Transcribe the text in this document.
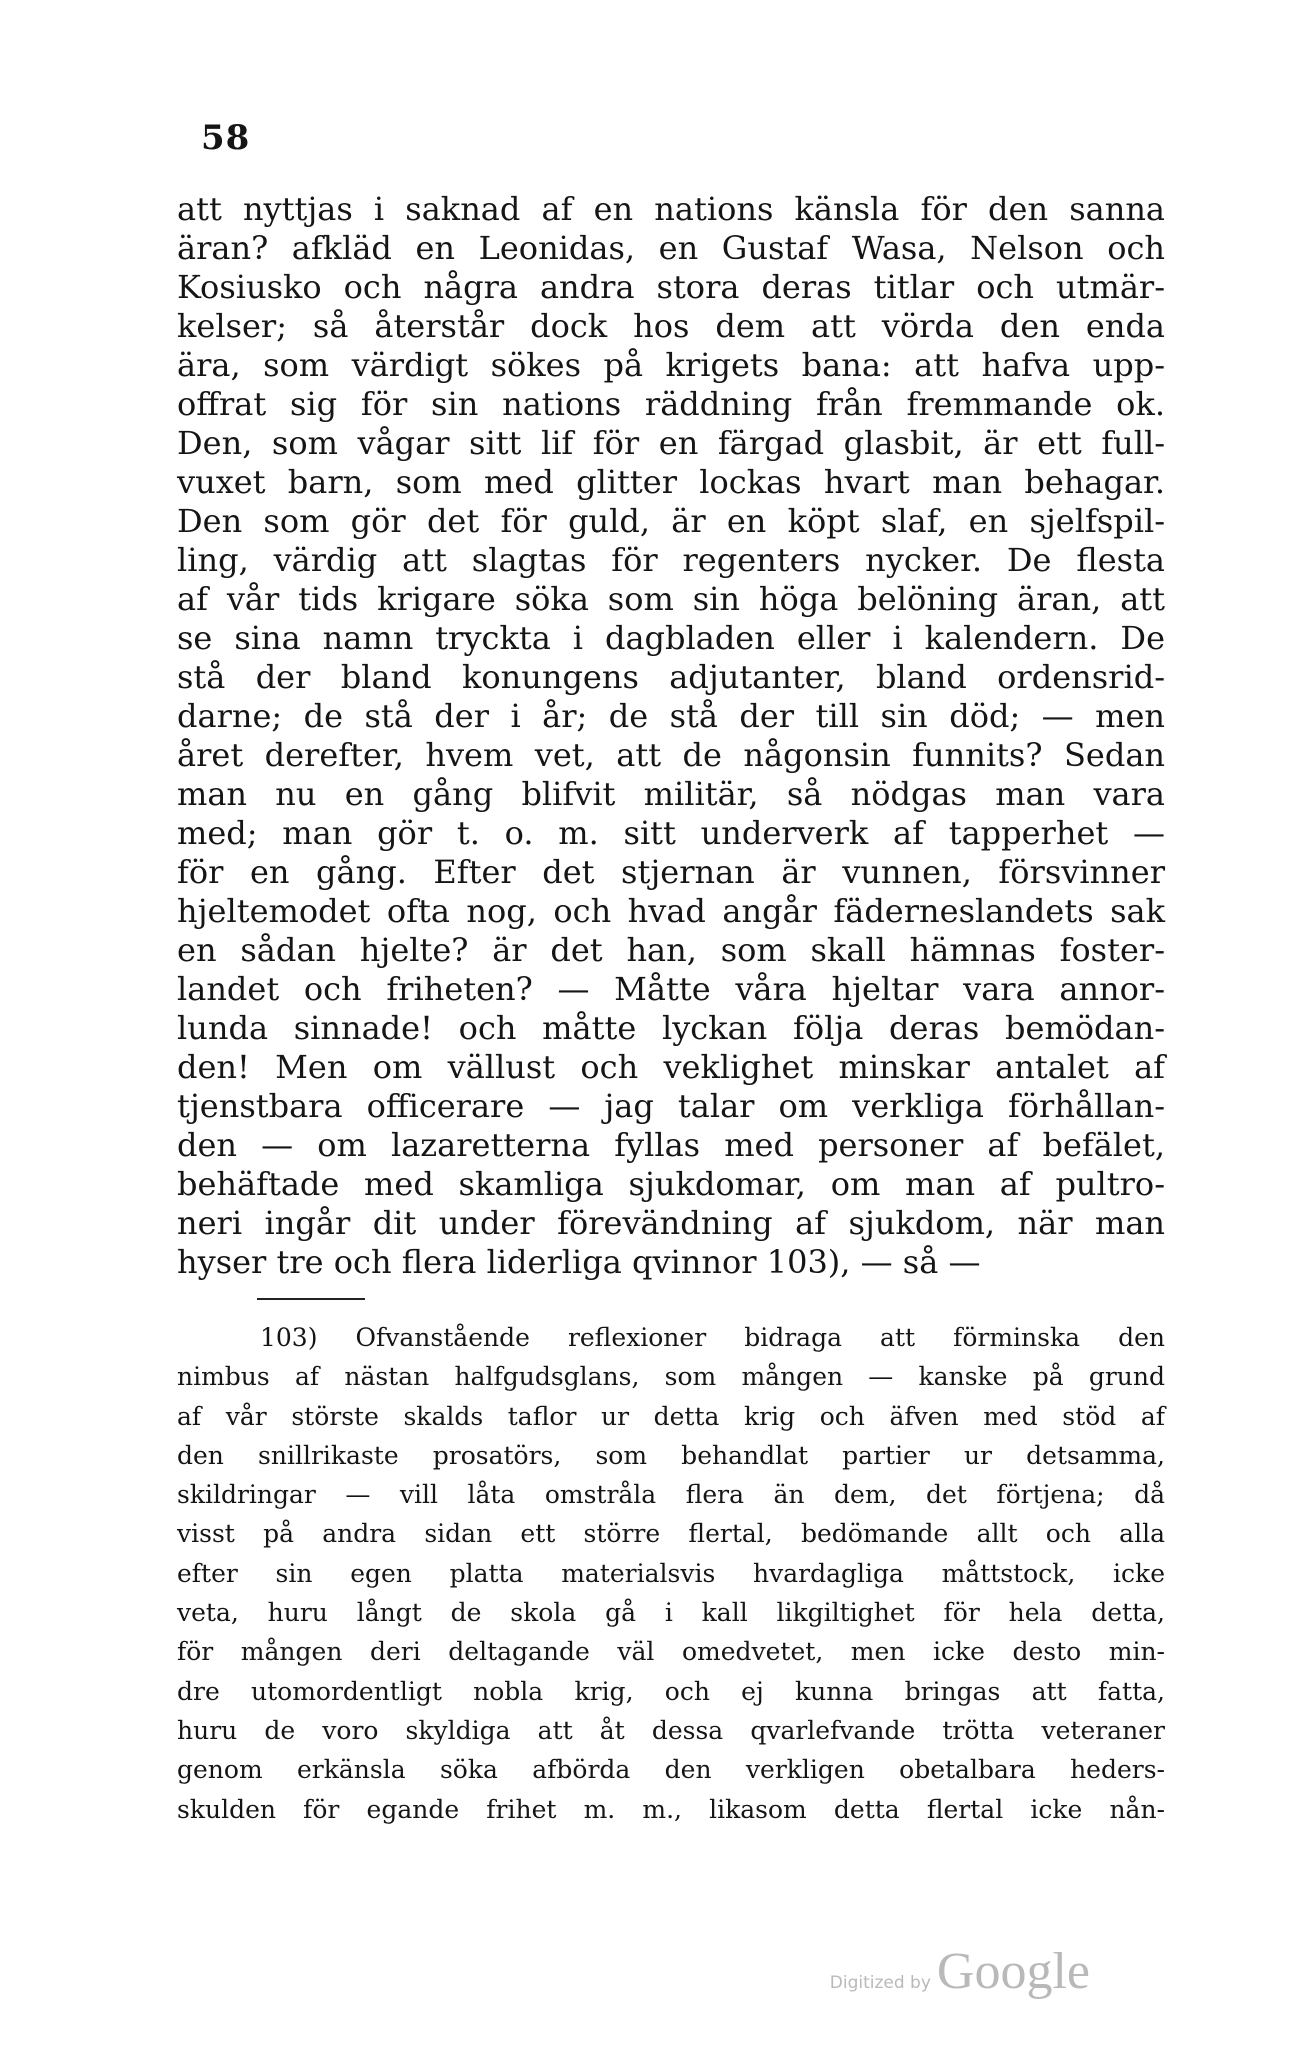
58
att nyttjas i saknad af en nations känsla för den sanna
äran? afkläd en Leonidas, en Gustaf Wasa, Nelson och
Kosiusko och några andra stora deras titlar och utmär-
kelser; så återstår dock hos dem att vörda den enda
ära, som värdigt sökes på krigets bana: att hafva upp-
offrat sig för sin nations räddning från fremmande ok.
Den, som vågar sitt lif för en färgad glasbit, är ett full-
vuxet barn, som med glitter lockas hvart man behagar.
Den som gör det för guld, är en köpt slaf, en sjelfspil-
ling, värdig att slagtas för regenters nycker. De flesta
af vår tids krigare söka som sin höga belöning äran, att
se sina namn tryckta i dagbladen eller i kalendern. De
stå der bland konungens adjutanter, bland ordensrid-
darne; de stå der i år; de stå der till sin död; — men
året derefter, hvem vet, att de någonsin funnits? Sedan
man nu en gång blifvit militär, så nödgas man vara
med; man gör t. o. m. sitt underverk af tapperhet —
för en gång. Efter det stjernan är vunnen, försvinner
hjeltemodet ofta nog, och hvad angår fäderneslandets sak
en sådan hjelte? är det han, som skall hämnas foster-
landet och friheten? — Måtte våra hjeltar vara annor-
lunda sinnade! och måtte lyckan följa deras bemödan-
den! Men om vällust och veklighet minskar antalet af
tjenstbara officerare — jag talar om verkliga förhållan-
den — om lazaretterna fyllas med personer af befälet,
behäftade med skamliga sjukdomar, om man af pultro-
neri ingår dit under förevändning af sjukdom, när man
hyser tre och flera liderliga qvinnor 103), — så —
103) Ofvanstående reflexioner bidraga att förminska den
nimbus af nästan halfgudsglans, som mången — kanske på grund
af vår störste skalds taflor ur detta krig och äfven med stöd af
den snillrikaste prosatörs, som behandlat partier ur detsamma,
skildringar — vill låta omstråla flera än dem, det förtjena; då
visst på andra sidan ett större flertal, bedömande allt och alla
efter sin egen platta materialsvis hvardagliga måttstock, icke
veta, huru långt de skola gå i kall likgiltighet för hela detta,
för mången deri deltagande väl omedvetet, men icke desto min-
dre utomordentligt nobla krig, och ej kunna bringas att fatta,
huru de voro skyldiga att åt dessa qvarlefvande trötta veteraner
genom erkänsla söka afbörda den verkligen obetalbara heders-
skulden för egande frihet m. m., likasom detta flertal icke nån-
Digitized by Google
